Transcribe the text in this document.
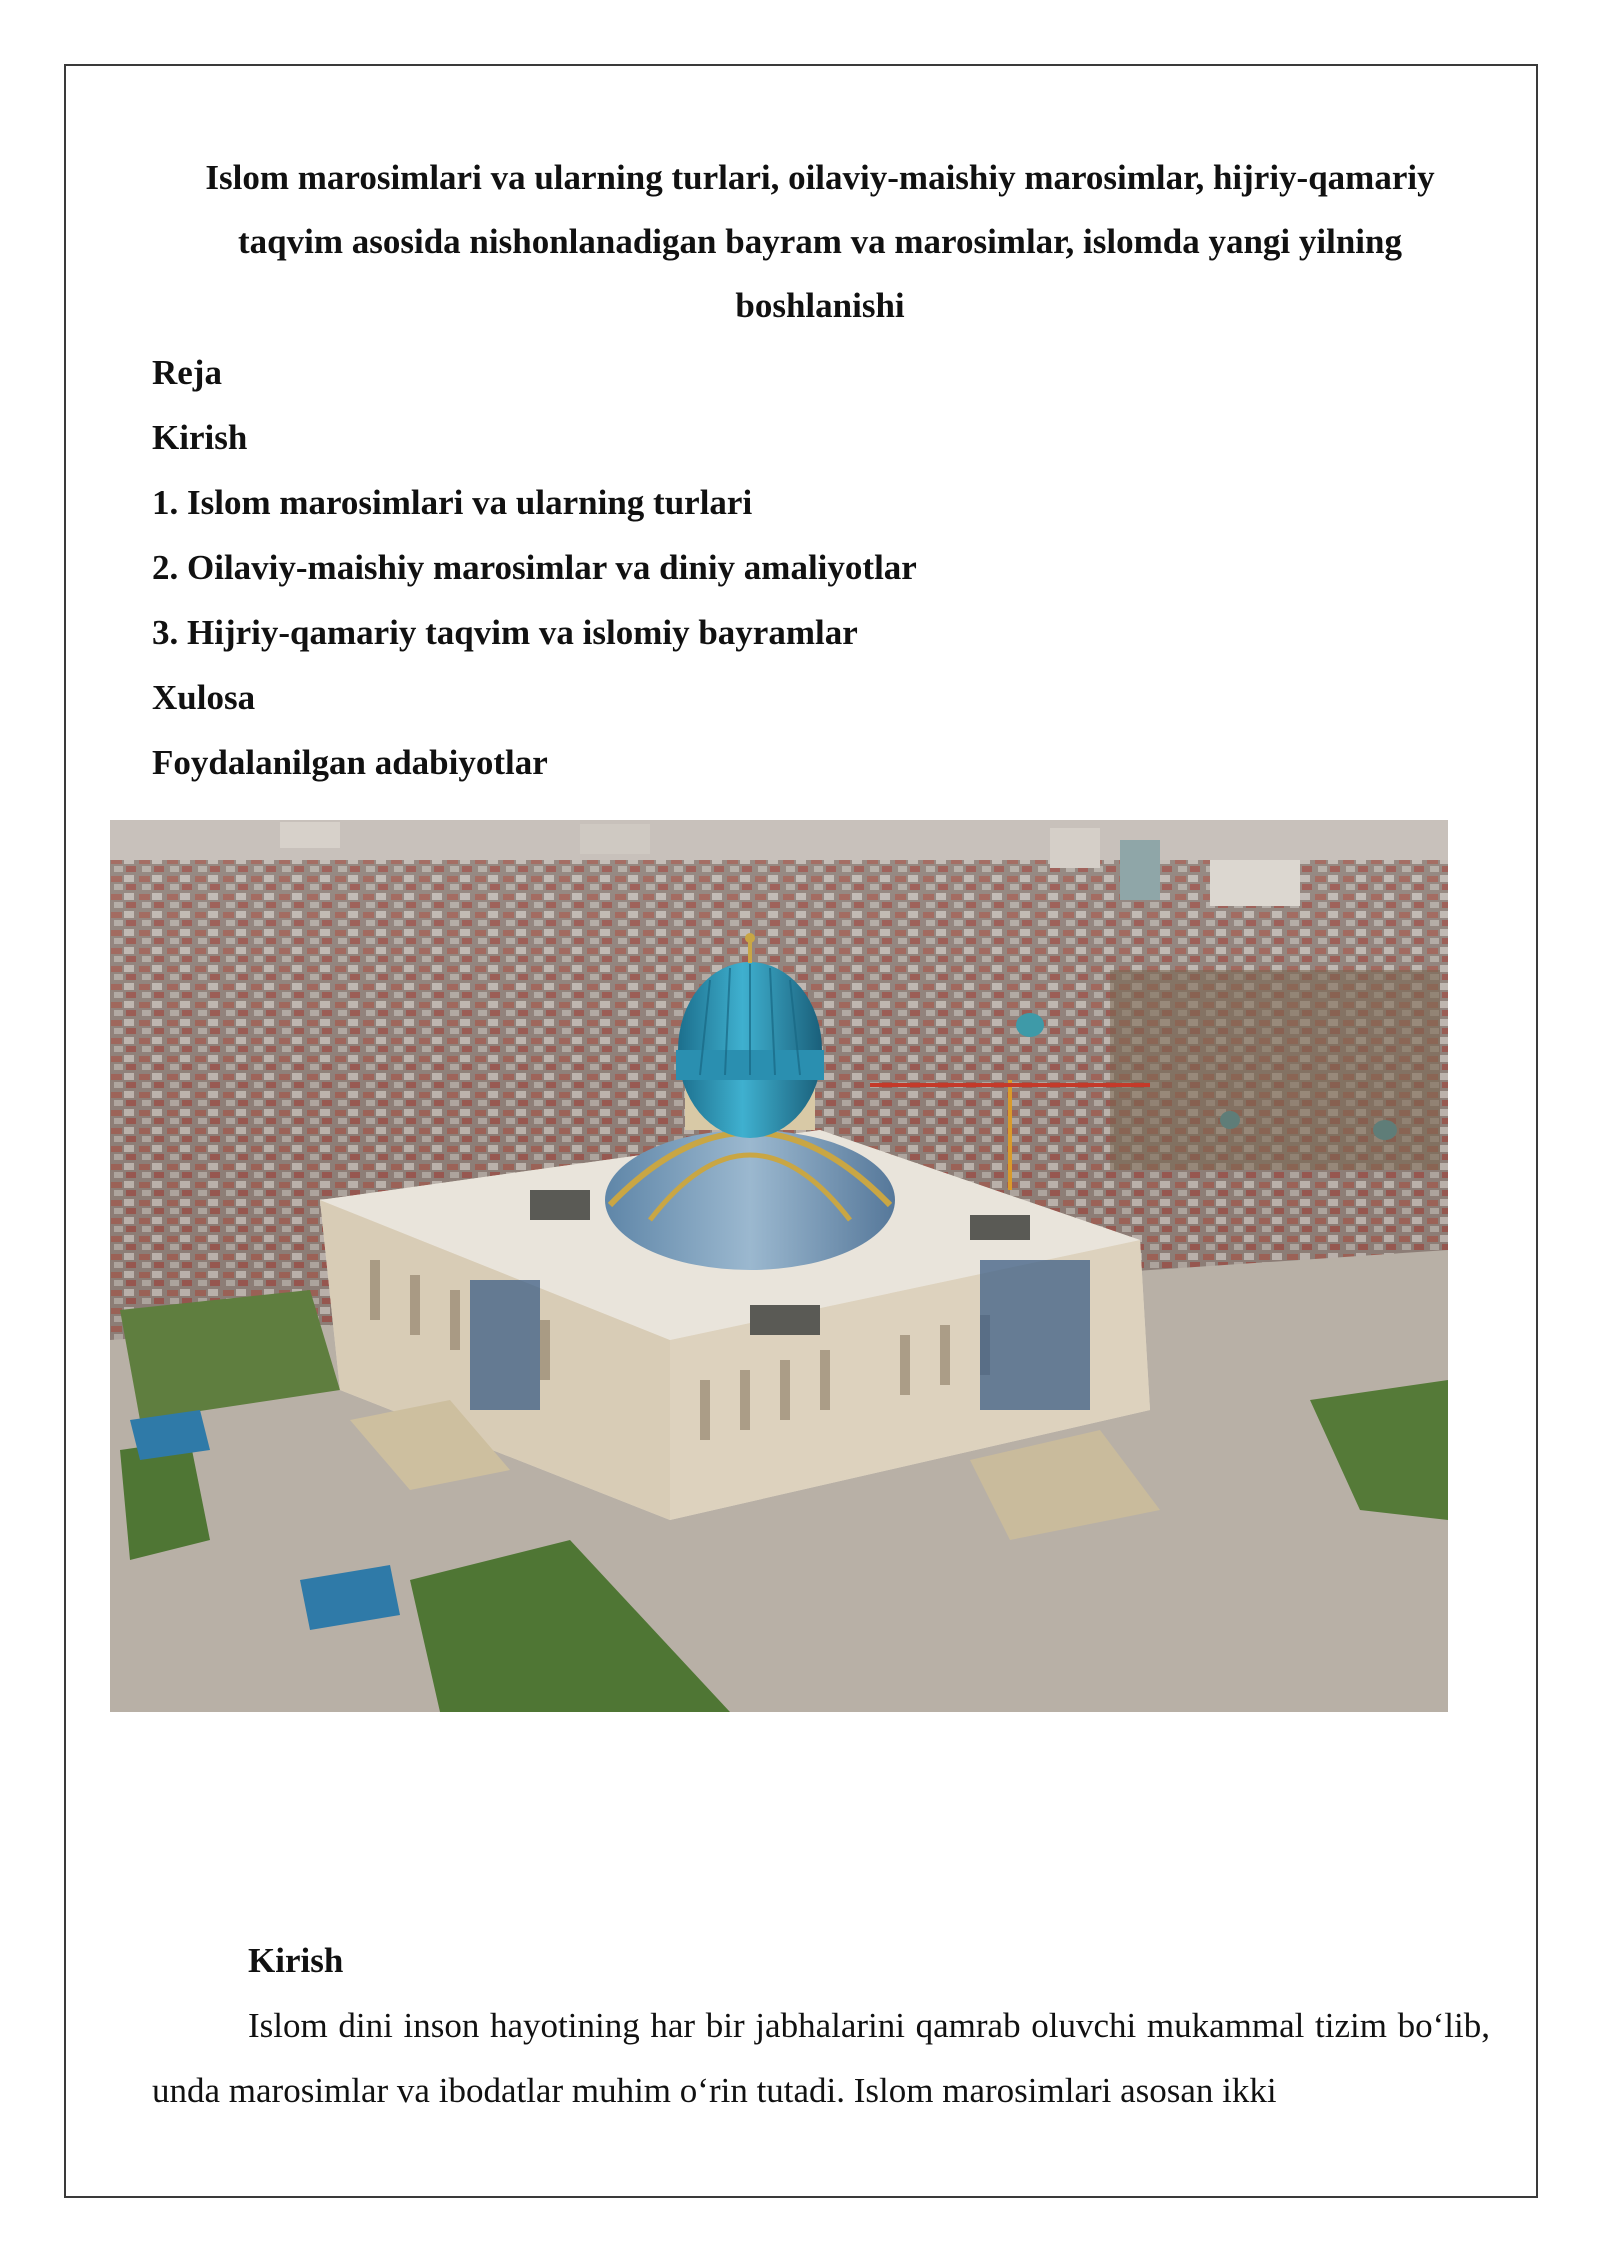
Islom marosimlari va ularning turlari, oilaviy-maishiy marosimlar, hijriy-qamariy taqvim asosida nishonlanadigan bayram va marosimlar, islomda yangi yilning boshlanishi
Reja
Kirish
1. Islom marosimlari va ularning turlari
2. Oilaviy-maishiy marosimlar va diniy amaliyotlar
3. Hijriy-qamariy taqvim va islomiy bayramlar
Xulosa
Foydalanilgan adabiyotlar
Kirish

Islom dini inson hayotining har bir jabhalarini qamrab oluvchi mukammal tizim bo‘lib, unda marosimlar va ibodatlar muhim o‘rin tutadi. Islom marosimlari asosan ikki
